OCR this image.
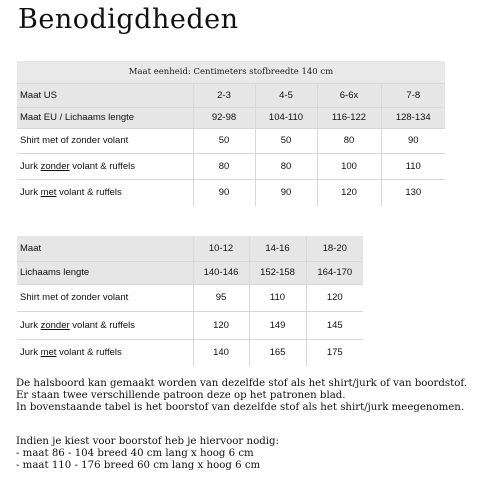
Benodigdheden
Maat eenheid: Centimeters stofbreedte 140 cm				
Maat US	2-3	4-5	6-6x	7-8
Maat EU / Lichaams lengte	92-98	104-110	116-122	128-134
Shirt met of zonder volant	50	50	80	90
Jurk zonder volant & ruffels	80	80	100	110
Jurk met volant & ruffels	90	90	120	130
Maat	10-12	14-16	18-20
Lichaams lengte	140-146	152-158	164-170
Shirt met of zonder volant	95	110	120
Jurk zonder volant & ruffels	120	149	145
Jurk met volant & ruffels	140	165	175
De halsboord kan gemaakt worden van dezelfde stof als het shirt/jurk of van boordstof.
Er staan twee verschillende patroon deze op het patronen blad.
In bovenstaande tabel is het boorstof van dezelfde stof als het shirt/jurk meegenomen.
Indien je kiest voor boorstof heb je hiervoor nodig:
- maat 86 - 104 breed 40 cm lang x hoog 6 cm
- maat 110 - 176 breed 60 cm lang x hoog 6 cm
